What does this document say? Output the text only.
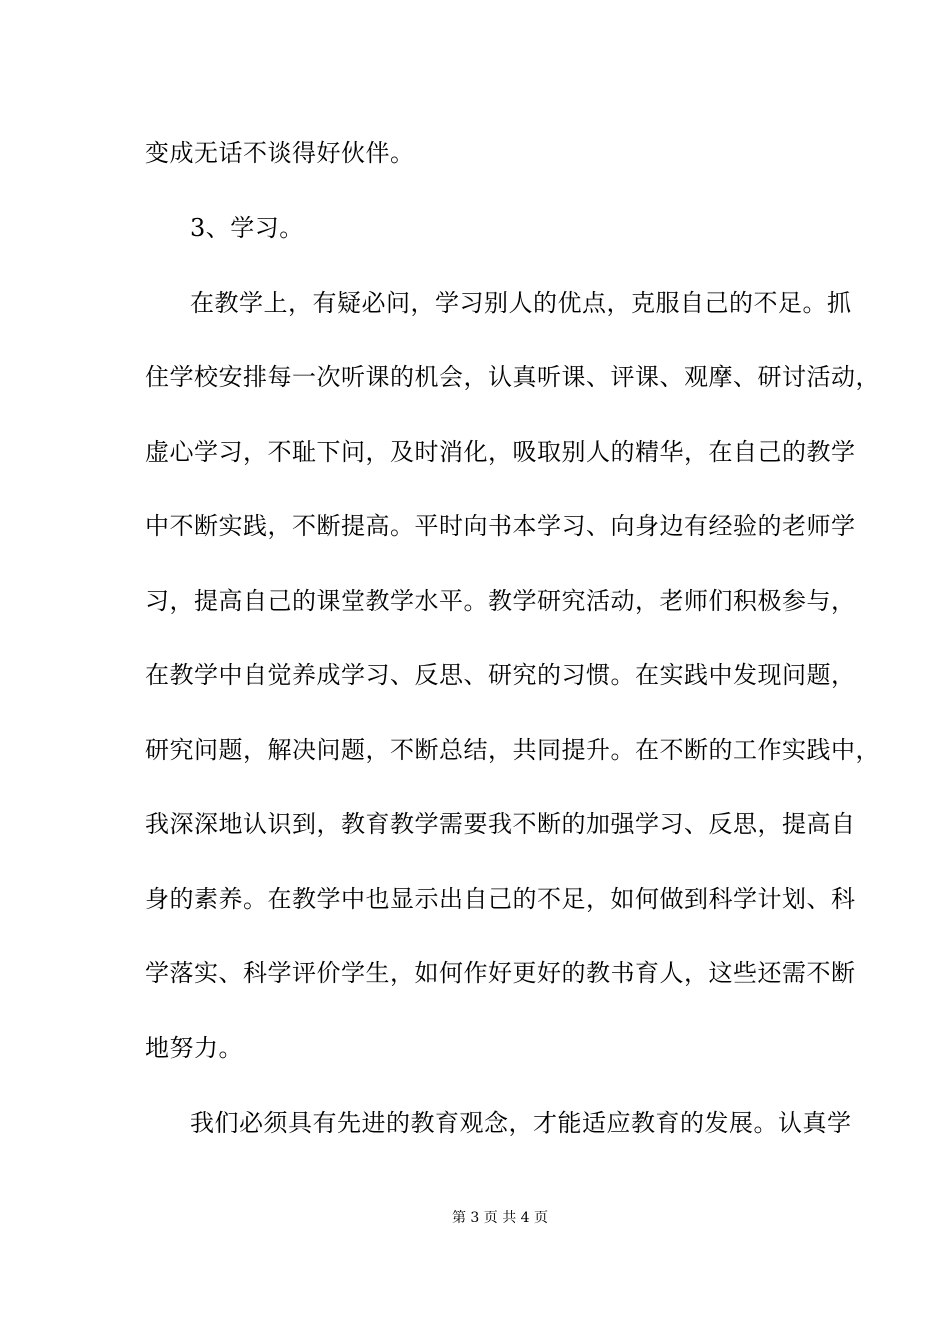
变成无话不谈得好伙伴。
3、学习。
在教学上，有疑必问，学习别人的优点，克服自己的不足。抓
住学校安排每一次听课的机会，认真听课、评课、观摩、研讨活动，
虚心学习，不耻下问，及时消化，吸取别人的精华，在自己的教学
中不断实践，不断提高。平时向书本学习、向身边有经验的老师学
习，提高自己的课堂教学水平。教学研究活动，老师们积极参与，
在教学中自觉养成学习、反思、研究的习惯。在实践中发现问题，
研究问题，解决问题，不断总结，共同提升。在不断的工作实践中，
我深深地认识到，教育教学需要我不断的加强学习、反思，提高自
身的素养。在教学中也显示出自己的不足，如何做到科学计划、科
学落实、科学评价学生，如何作好更好的教书育人，这些还需不断
地努力。
我们必须具有先进的教育观念，才能适应教育的发展。认真学
第 3 页 共 4 页
